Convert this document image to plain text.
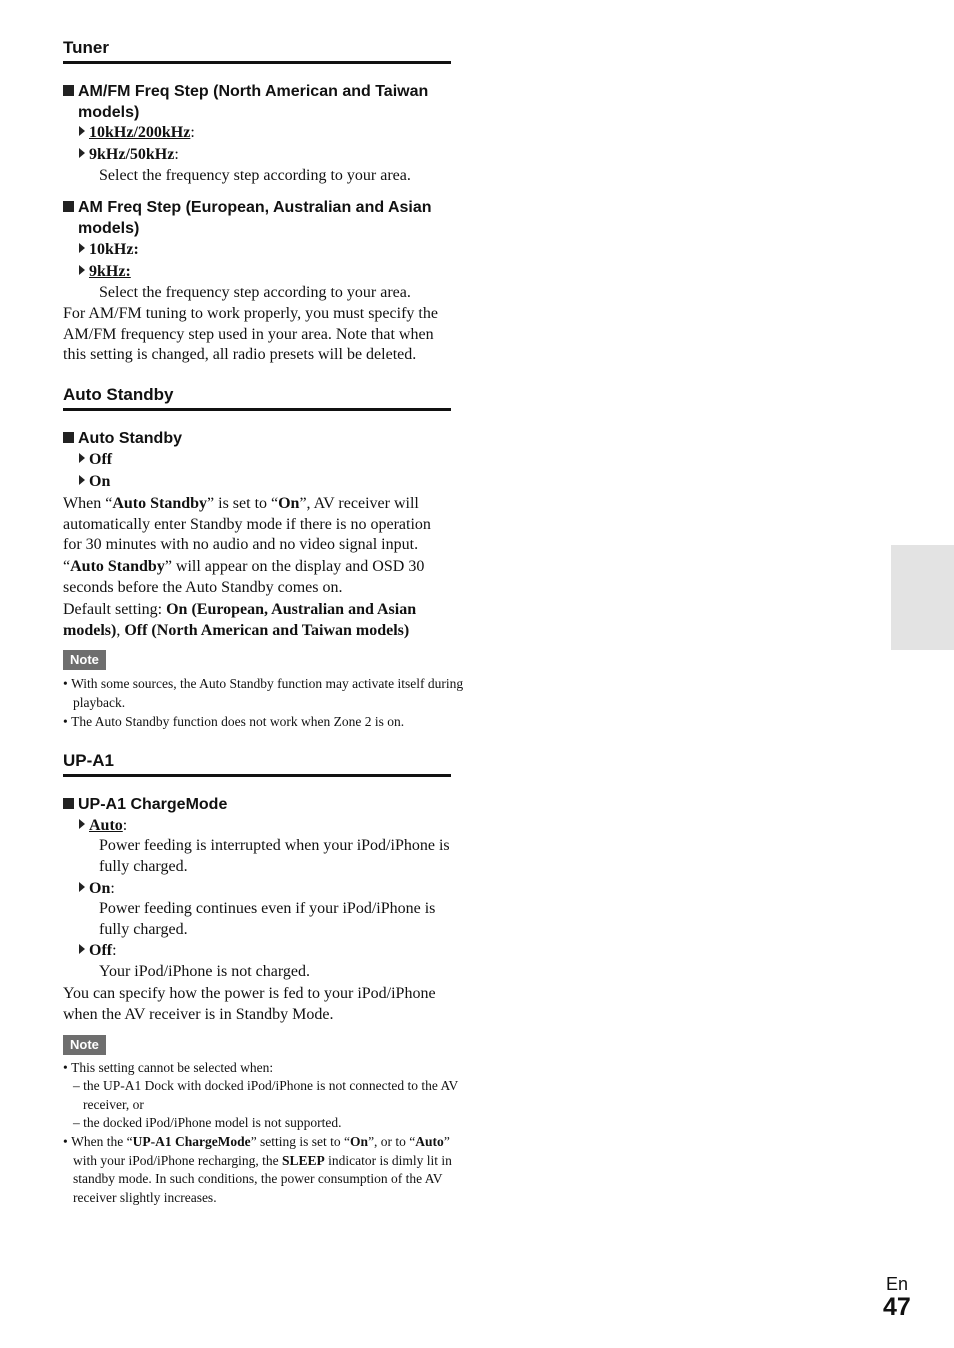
Tuner
AM/FM Freq Step (North American and Taiwan models)
10kHz/200kHz:
9kHz/50kHz:
Select the frequency step according to your area.
AM Freq Step (European, Australian and Asian models)
10kHz:
9kHz:
Select the frequency step according to your area.
For AM/FM tuning to work properly, you must specify the AM/FM frequency step used in your area. Note that when this setting is changed, all radio presets will be deleted.
Auto Standby
Auto Standby
Off
On
When “Auto Standby” is set to “On”, AV receiver will automatically enter Standby mode if there is no operation for 30 minutes with no audio and no video signal input.
“Auto Standby” will appear on the display and OSD 30 seconds before the Auto Standby comes on.
Default setting: On (European, Australian and Asian models), Off (North American and Taiwan models)
Note
• With some sources, the Auto Standby function may activate itself during playback.
• The Auto Standby function does not work when Zone 2 is on.
UP-A1
UP-A1 ChargeMode
Auto:
Power feeding is interrupted when your iPod/iPhone is fully charged.
On:
Power feeding continues even if your iPod/iPhone is fully charged.
Off:
Your iPod/iPhone is not charged.
You can specify how the power is fed to your iPod/iPhone when the AV receiver is in Standby Mode.
Note
• This setting cannot be selected when:
– the UP-A1 Dock with docked iPod/iPhone is not connected to the AV receiver, or
– the docked iPod/iPhone model is not supported.
• When the “UP-A1 ChargeMode” setting is set to “On”, or to “Auto” with your iPod/iPhone recharging, the SLEEP indicator is dimly lit in standby mode. In such conditions, the power consumption of the AV receiver slightly increases.
En
47
